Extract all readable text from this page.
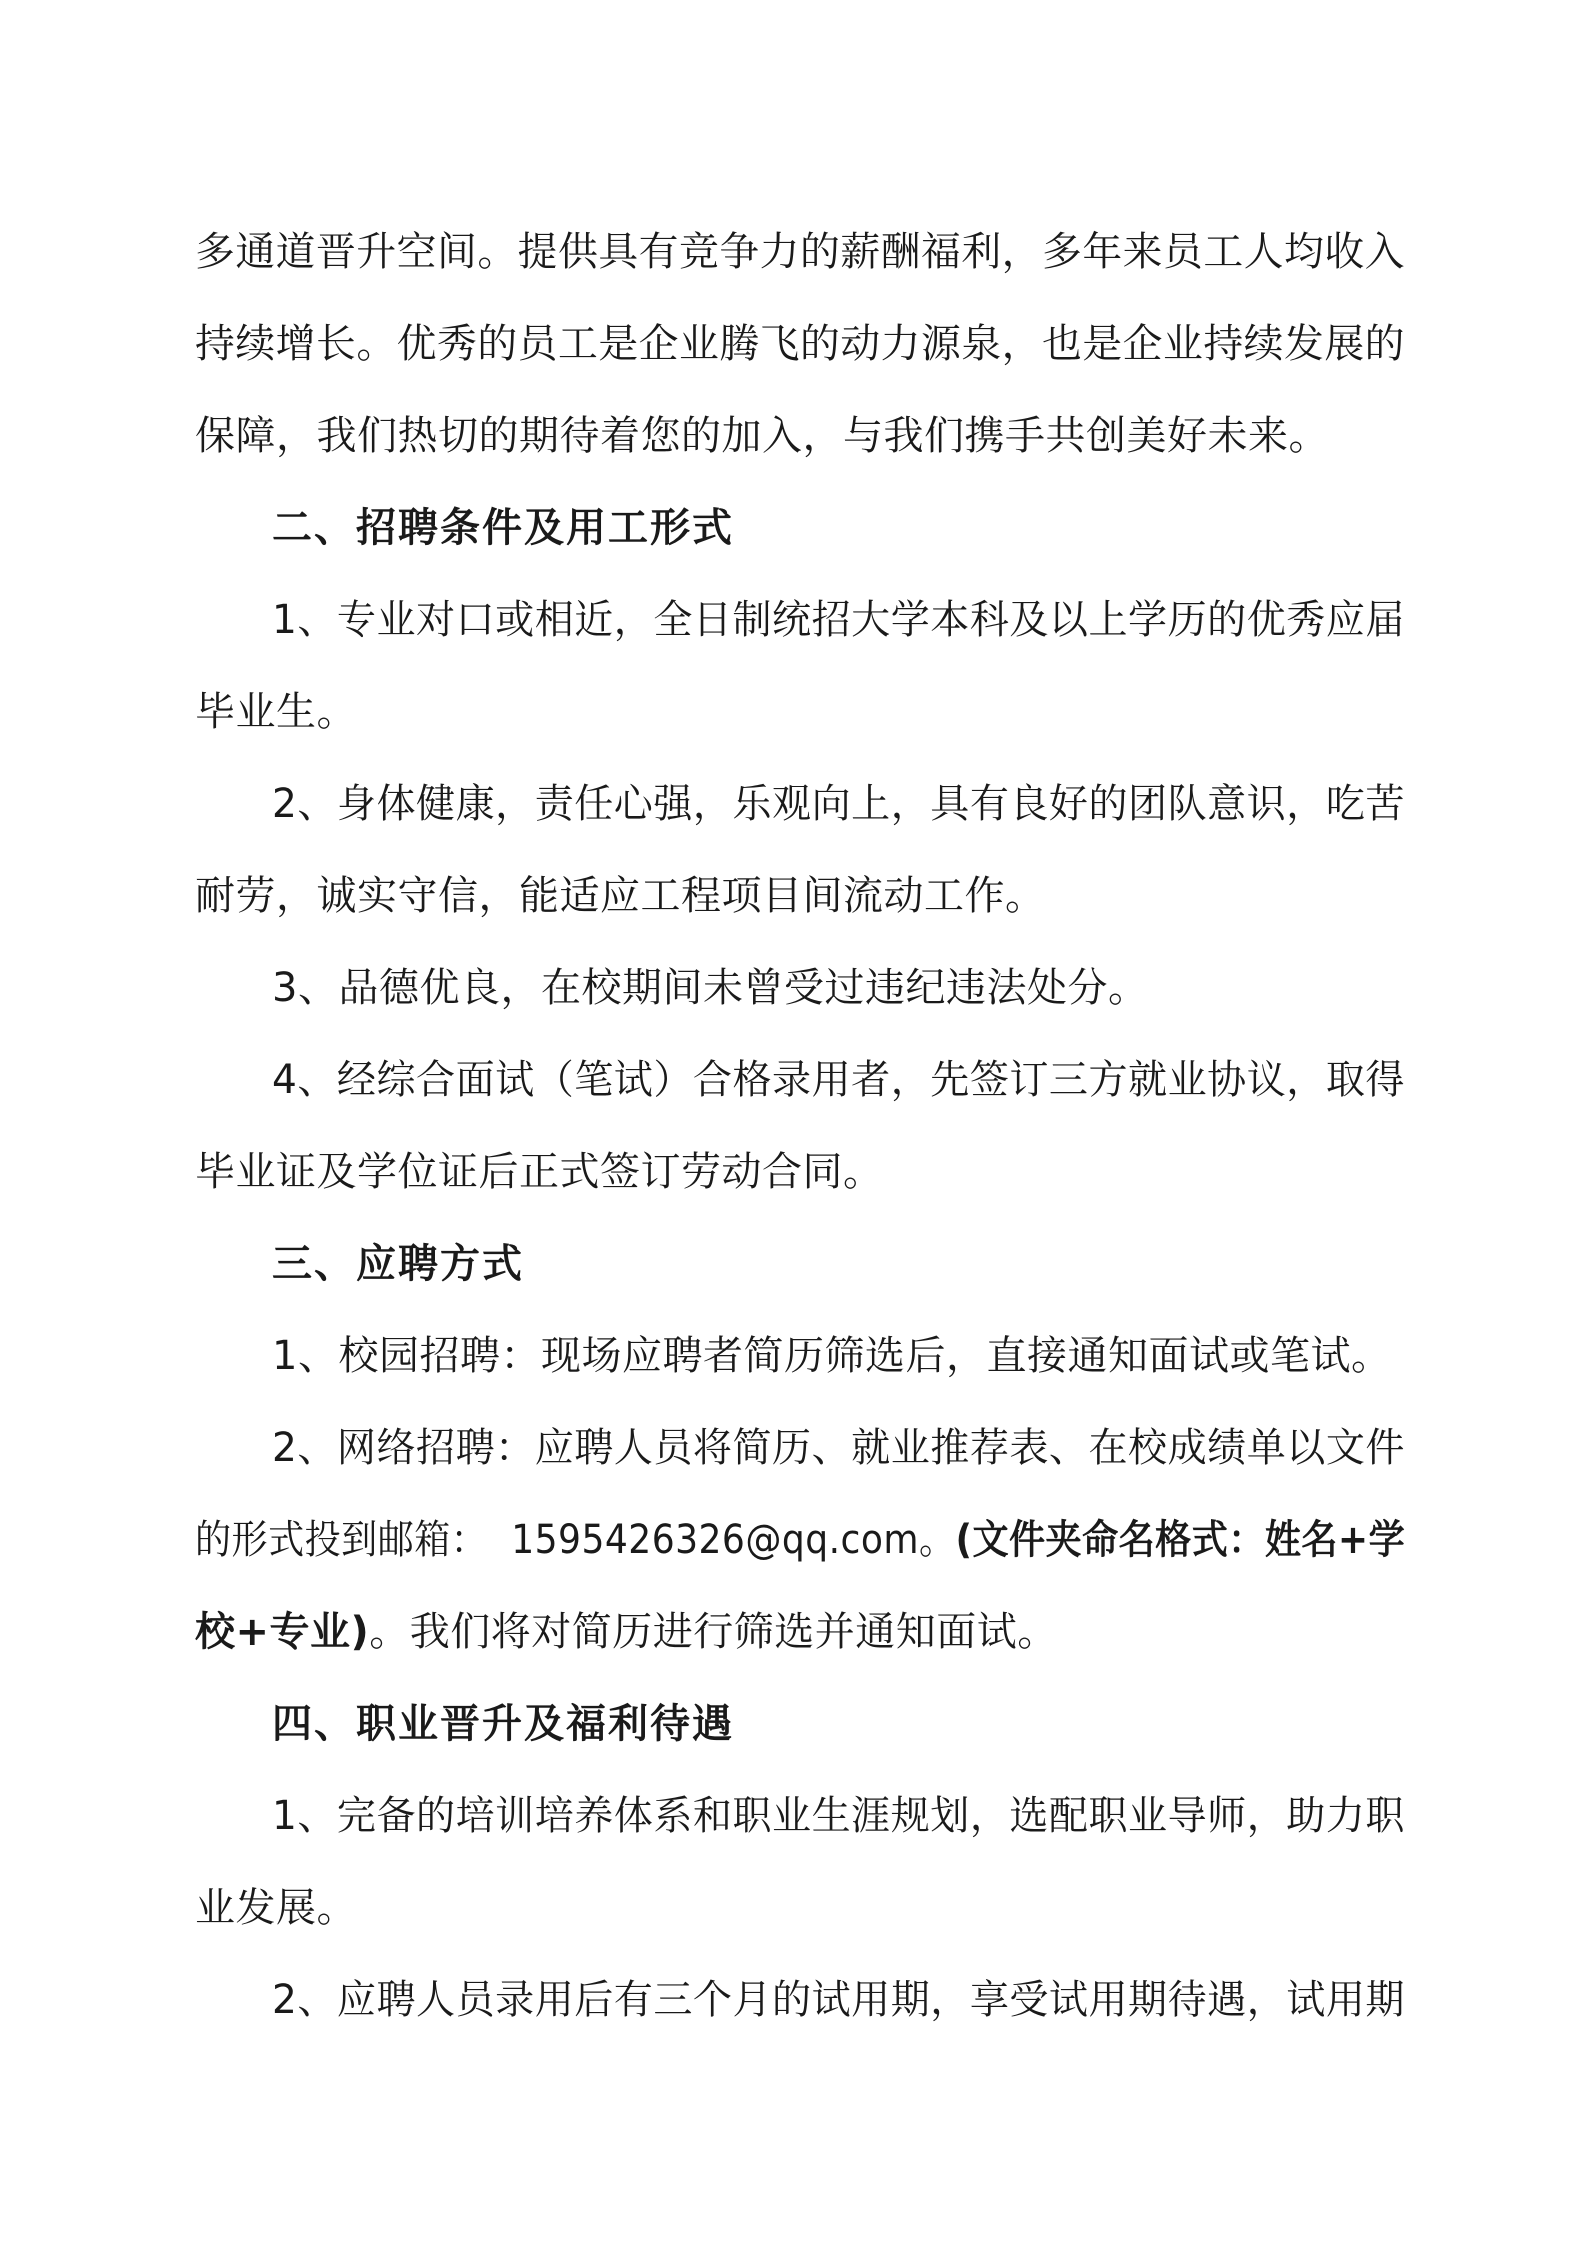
多通道晋升空间。提供具有竞争力的薪酬福利，多年来员工人均收入
持续增长。优秀的员工是企业腾飞的动力源泉，也是企业持续发展的
保障，我们热切的期待着您的加入，与我们携手共创美好未来。
二、招聘条件及用工形式
1、专业对口或相近，全日制统招大学本科及以上学历的优秀应届
毕业生。
2、身体健康，责任心强，乐观向上，具有良好的团队意识，吃苦
耐劳，诚实守信，能适应工程项目间流动工作。
3、品德优良，在校期间未曾受过违纪违法处分。
4、经综合面试（笔试）合格录用者，先签订三方就业协议，取得
毕业证及学位证后正式签订劳动合同。
三、应聘方式
1、校园招聘：现场应聘者简历筛选后，直接通知面试或笔试。
2、网络招聘：应聘人员将简历、就业推荐表、在校成绩单以文件
的形式投到邮箱： 1595426326@qq.com。(文件夹命名格式：姓名+学
校+专业)。我们将对简历进行筛选并通知面试。
四、职业晋升及福利待遇
1、完备的培训培养体系和职业生涯规划，选配职业导师，助力职
业发展。
2、应聘人员录用后有三个月的试用期，享受试用期待遇，试用期
